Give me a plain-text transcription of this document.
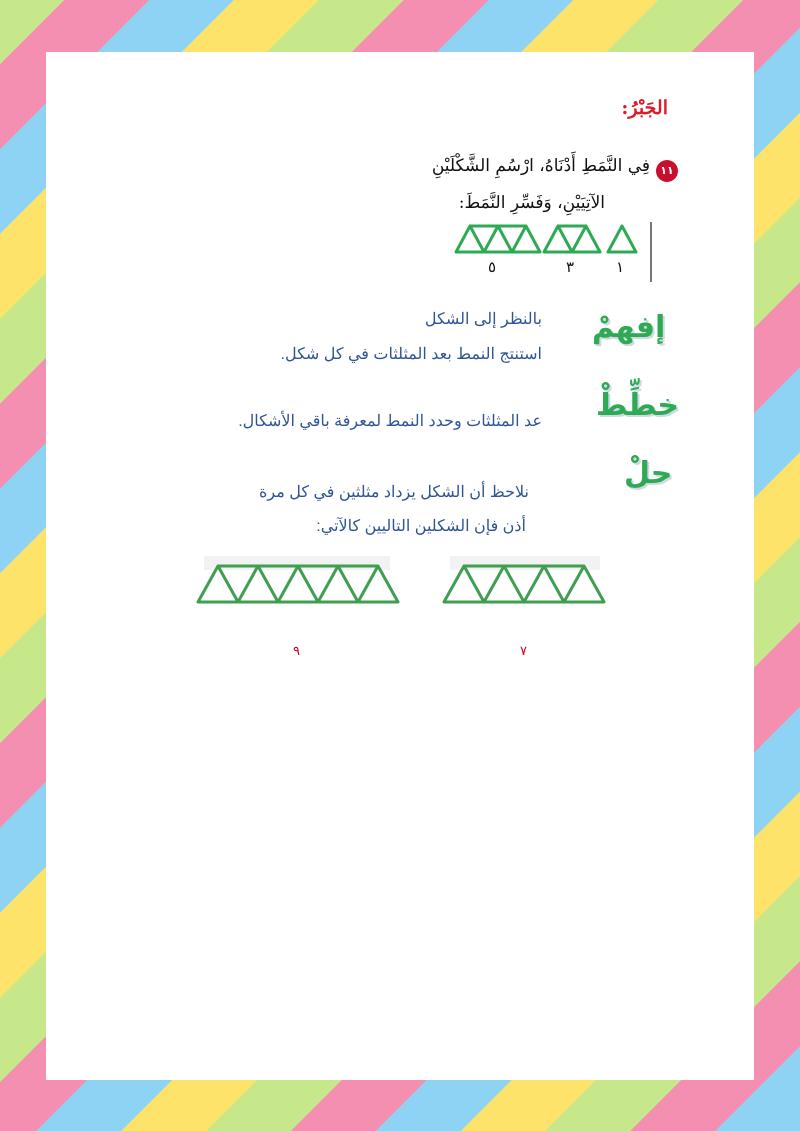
الجَبْرُ:
١١
فِي النَّمَطِ أَدْنَاهُ، ارْسُمِ الشَّكْلَيْنِ
الآتِيَيْنِ، وَفَسِّرِ النَّمَطَ:
٥	٣	١
إفهمْ
بالنظر إلى الشكل
استنتج النمط بعد المثلثات في كل شكل.
خطِّطْ
عد المثلثات وحدد النمط لمعرفة باقي الأشكال.
حلْ
نلاحظ أن الشكل يزداد مثلثين في كل مرة
أذن فإن الشكلين التاليين كالآتي:
٧
٩
